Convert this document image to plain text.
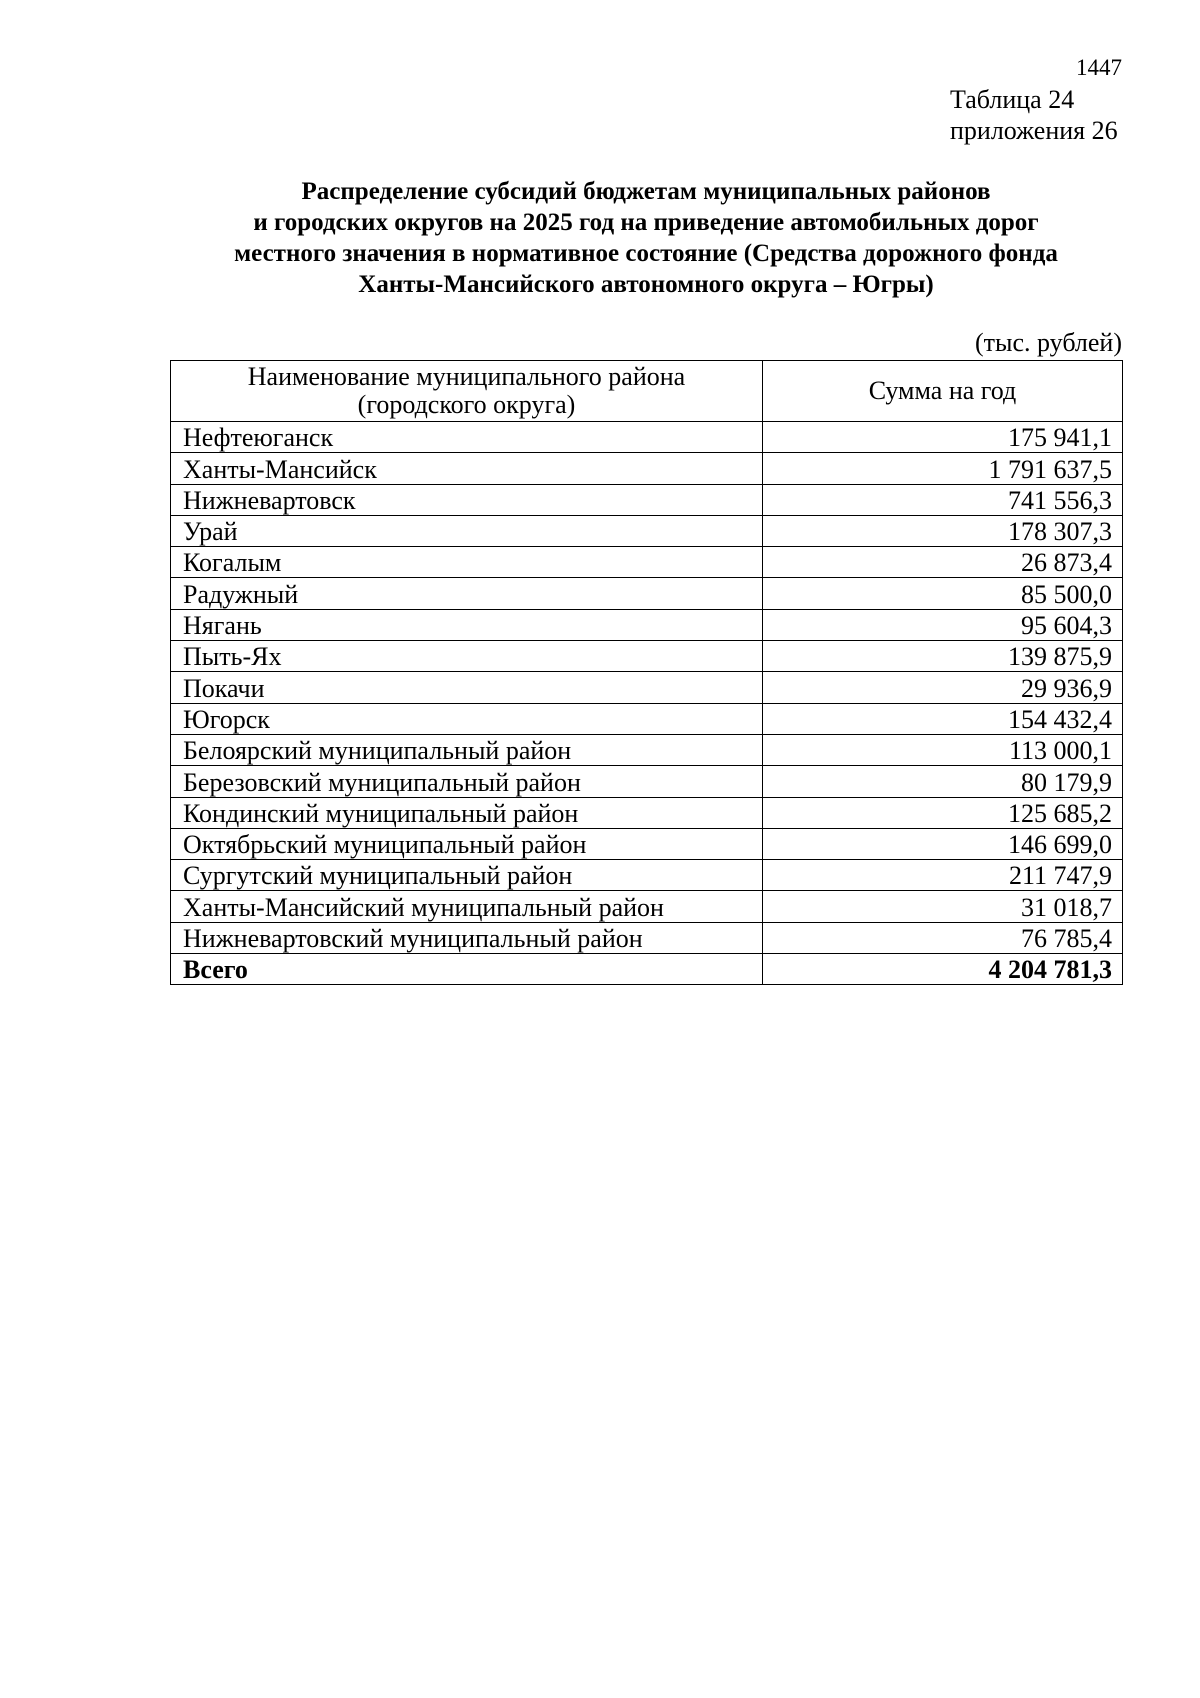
1447
Таблица 24
приложения 26
Распределение субсидий бюджетам муниципальных районов
и городских округов на 2025 год на приведение автомобильных дорог
местного значения в нормативное состояние (Средства дорожного фонда
Ханты-Мансийского автономного округа – Югры)
(тыс. рублей)
Наименование муниципального района
(городского округа)	Сумма на год
Нефтеюганск	175 941,1
Ханты-Мансийск	1 791 637,5
Нижневартовск	741 556,3
Урай	178 307,3
Когалым	26 873,4
Радужный	85 500,0
Нягань	95 604,3
Пыть-Ях	139 875,9
Покачи	29 936,9
Югорск	154 432,4
Белоярский муниципальный район	113 000,1
Березовский муниципальный район	80 179,9
Кондинский муниципальный район	125 685,2
Октябрьский муниципальный район	146 699,0
Сургутский муниципальный район	211 747,9
Ханты-Мансийский муниципальный район	31 018,7
Нижневартовский муниципальный район	76 785,4
Всего	4 204 781,3
